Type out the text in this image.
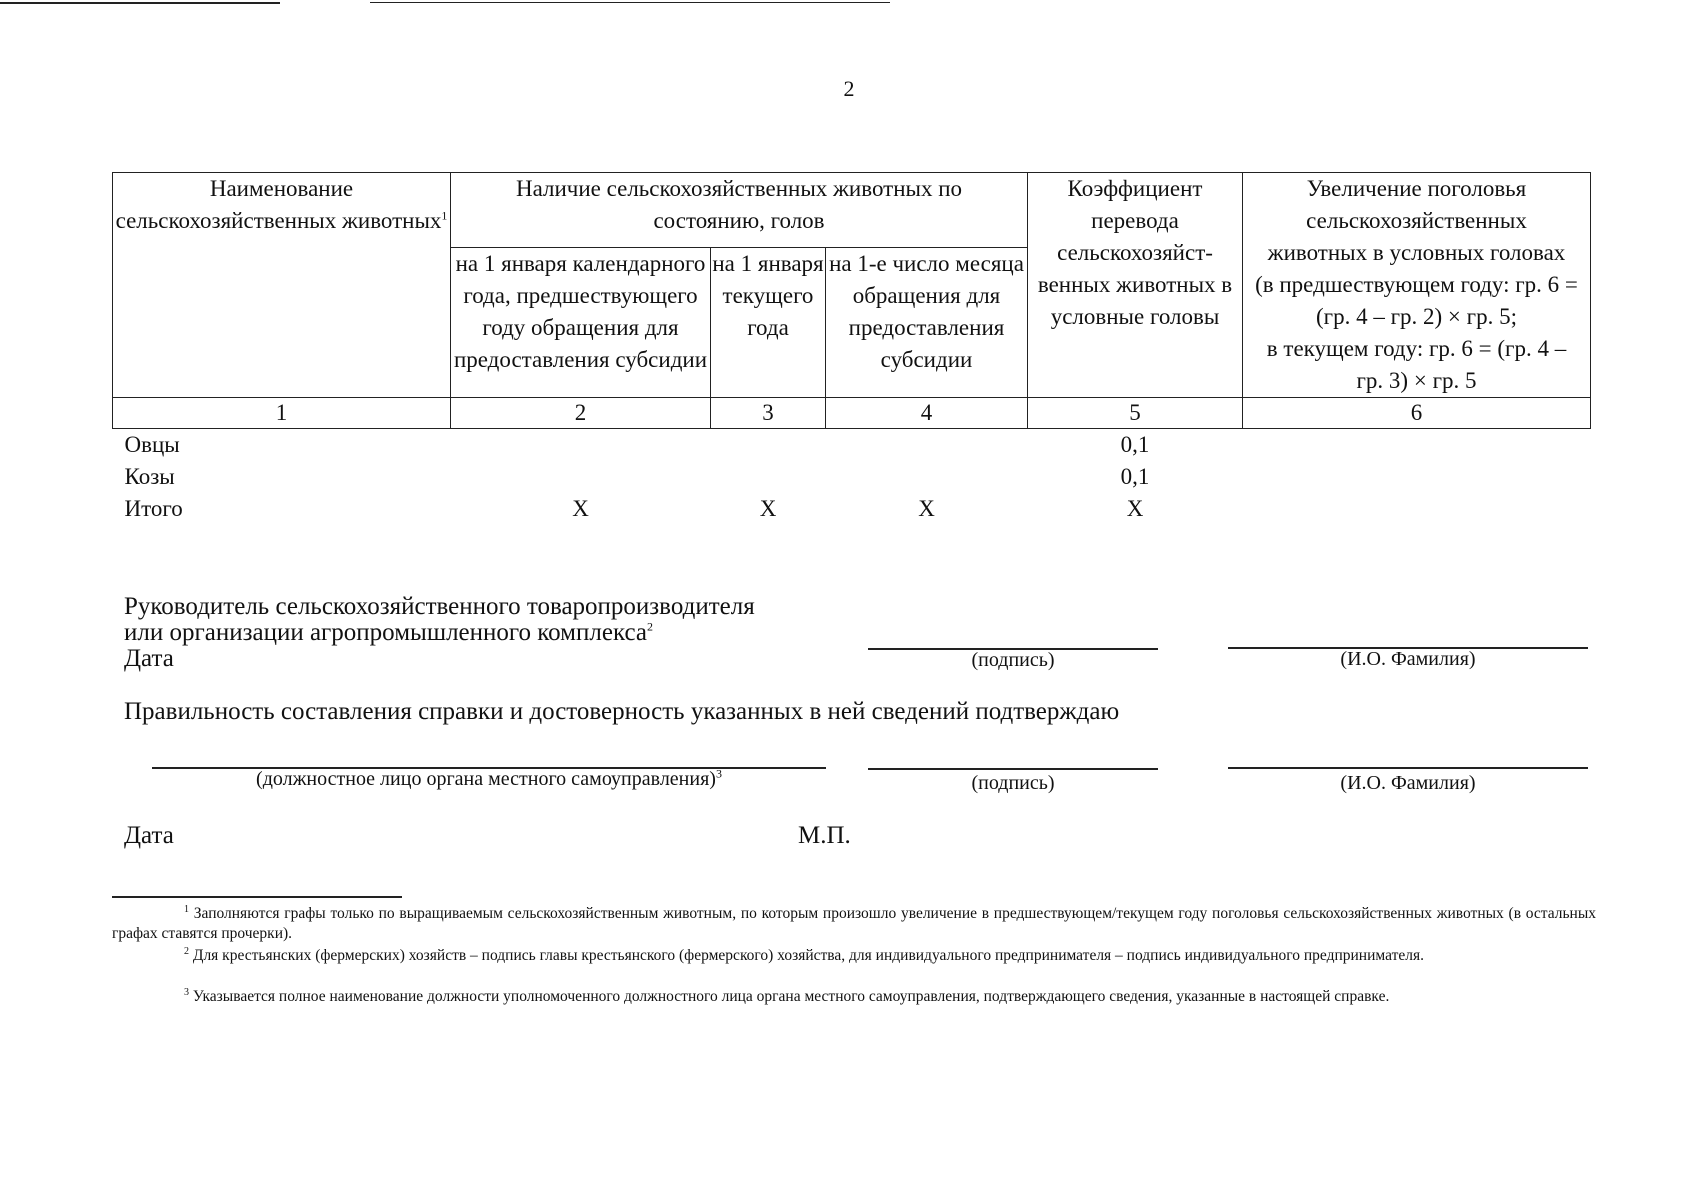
2
Наименование сельскохозяйственных животных$^1$	Наличие сельскохозяйственных животных по состоянию, голов			Коэффициент перевода сельскохозяйст-венных животных в условные головы	Увеличение поголовья сельскохозяйственных животных в условных головах
(в предшествующем году: гр. 6 = (гр. 4 – гр. 2) × гр. 5;
в текущем году: гр. 6 = (гр. 4 – гр. 3) × гр. 5

	на 1 января календарного года, предшествующего году обращения для предоставления субсидии	на 1 января текущего года	на 1-е число месяца обращения для предоставления субсидии		
1	2	3	4	5	6
Овцы				0,1	
Козы				0,1	
Итого	X	X	X	X	
Руководитель сельскохозяйственного товаропроизводителя
или организации агропромышленного комплекса$^2$
Дата	(подпись)	(И.О. Фамилия)
Правильность составления справки и достоверность указанных в ней сведений подтверждаю
(должностное лицо органа местного самоуправления)$^3$	(подпись)	(И.О. Фамилия)
Дата	М.П.
$^1$ Заполняются графы только по выращиваемым сельскохозяйственным животным, по которым произошло увеличение в предшествующем/текущем году поголовья сельскохозяйственных животных (в остальных графах ставятся прочерки).
$^2$ Для крестьянских (фермерских) хозяйств – подпись главы крестьянского (фермерского) хозяйства, для индивидуального предпринимателя – подпись индивидуального предпринимателя.
$^3$ Указывается полное наименование должности уполномоченного должностного лица органа местного самоуправления, подтверждающего сведения, указанные в настоящей справке.
